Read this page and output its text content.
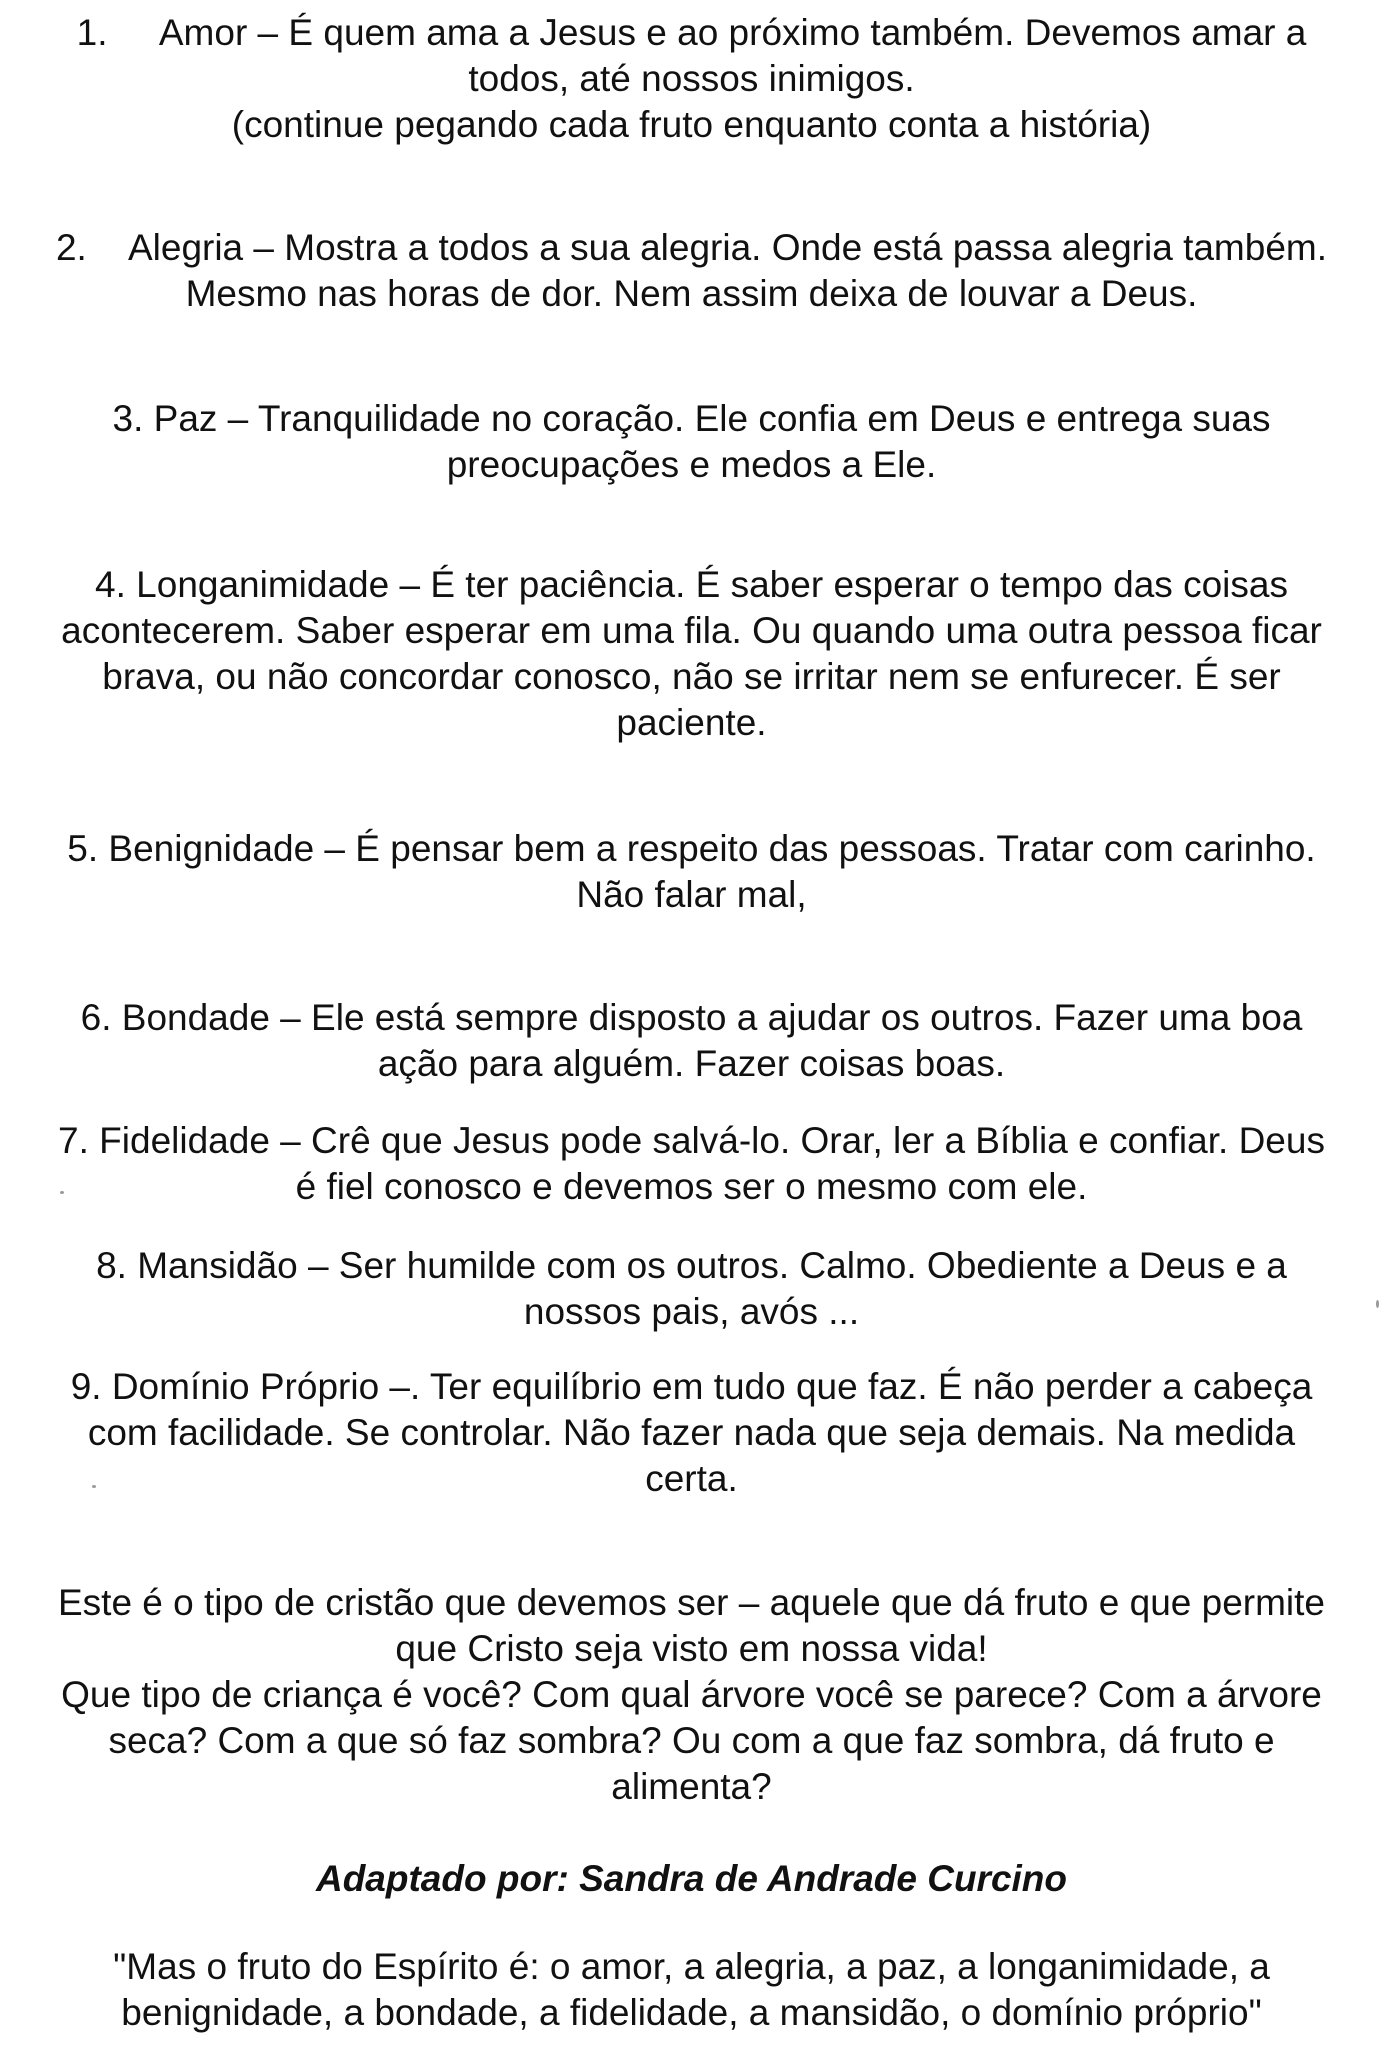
1.     Amor – É quem ama a Jesus e ao próximo também. Devemos amar a
todos, até nossos inimigos.
(continue pegando cada fruto enquanto conta a história)
2.    Alegria – Mostra a todos a sua alegria. Onde está passa alegria também.
Mesmo nas horas de dor. Nem assim deixa de louvar a Deus.
3. Paz – Tranquilidade no coração. Ele confia em Deus e entrega suas
preocupações e medos a Ele.
4. Longanimidade – É ter paciência. É saber esperar o tempo das coisas
acontecerem. Saber esperar em uma fila. Ou quando uma outra pessoa ficar
brava, ou não concordar conosco, não se irritar nem se enfurecer. É ser
paciente.
5. Benignidade – É pensar bem a respeito das pessoas. Tratar com carinho.
Não falar mal,
6. Bondade – Ele está sempre disposto a ajudar os outros. Fazer uma boa
ação para alguém. Fazer coisas boas.
7. Fidelidade – Crê que Jesus pode salvá-lo. Orar, ler a Bíblia e confiar. Deus
é fiel conosco e devemos ser o mesmo com ele.
8. Mansidão – Ser humilde com os outros. Calmo. Obediente a Deus e a
nossos pais, avós ...
9. Domínio Próprio –. Ter equilíbrio em tudo que faz. É não perder a cabeça
com facilidade. Se controlar. Não fazer nada que seja demais. Na medida
certa.
Este é o tipo de cristão que devemos ser – aquele que dá fruto e que permite
que Cristo seja visto em nossa vida!
Que tipo de criança é você? Com qual árvore você se parece? Com a árvore
seca? Com a que só faz sombra? Ou com a que faz sombra, dá fruto e
alimenta?
Adaptado por: Sandra de Andrade Curcino
"Mas o fruto do Espírito é: o amor, a alegria, a paz, a longanimidade, a
benignidade, a bondade, a fidelidade, a mansidão, o domínio próprio"
